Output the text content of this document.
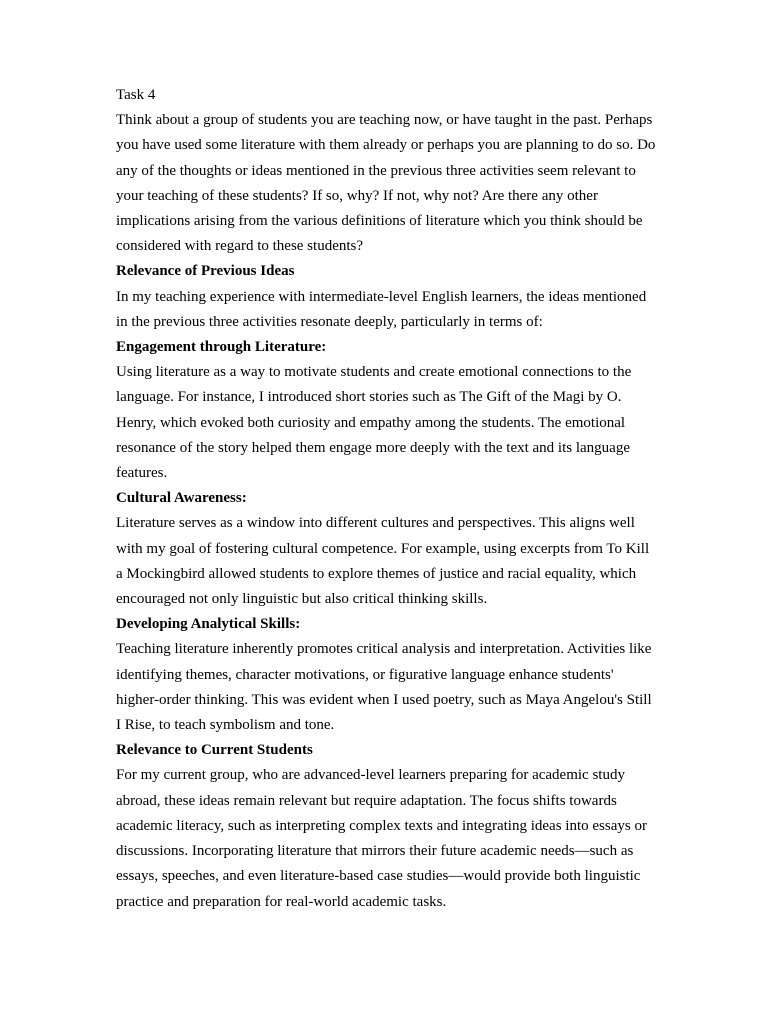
Task 4

Think about a group of students you are teaching now, or have taught in the past. Perhaps you have used some literature with them already or perhaps you are planning to do so. Do any of the thoughts or ideas mentioned in the previous three activities seem relevant to your teaching of these students? If so, why? If not, why not? Are there any other implications arising from the various definitions of literature which you think should be considered with regard to these students?

Relevance of Previous Ideas

In my teaching experience with intermediate-level English learners, the ideas mentioned in the previous three activities resonate deeply, particularly in terms of:

Engagement through Literature:

Using literature as a way to motivate students and create emotional connections to the language. For instance, I introduced short stories such as The Gift of the Magi by O. Henry, which evoked both curiosity and empathy among the students. The emotional resonance of the story helped them engage more deeply with the text and its language features.

Cultural Awareness:

Literature serves as a window into different cultures and perspectives. This aligns well with my goal of fostering cultural competence. For example, using excerpts from To Kill a Mockingbird allowed students to explore themes of justice and racial equality, which encouraged not only linguistic but also critical thinking skills.

Developing Analytical Skills:

Teaching literature inherently promotes critical analysis and interpretation. Activities like identifying themes, character motivations, or figurative language enhance students' higher-order thinking. This was evident when I used poetry, such as Maya Angelou's Still I Rise, to teach symbolism and tone.

Relevance to Current Students

For my current group, who are advanced-level learners preparing for academic study abroad, these ideas remain relevant but require adaptation. The focus shifts towards academic literacy, such as interpreting complex texts and integrating ideas into essays or discussions. Incorporating literature that mirrors their future academic needs—such as essays, speeches, and even literature-based case studies—would provide both linguistic practice and preparation for real-world academic tasks.
